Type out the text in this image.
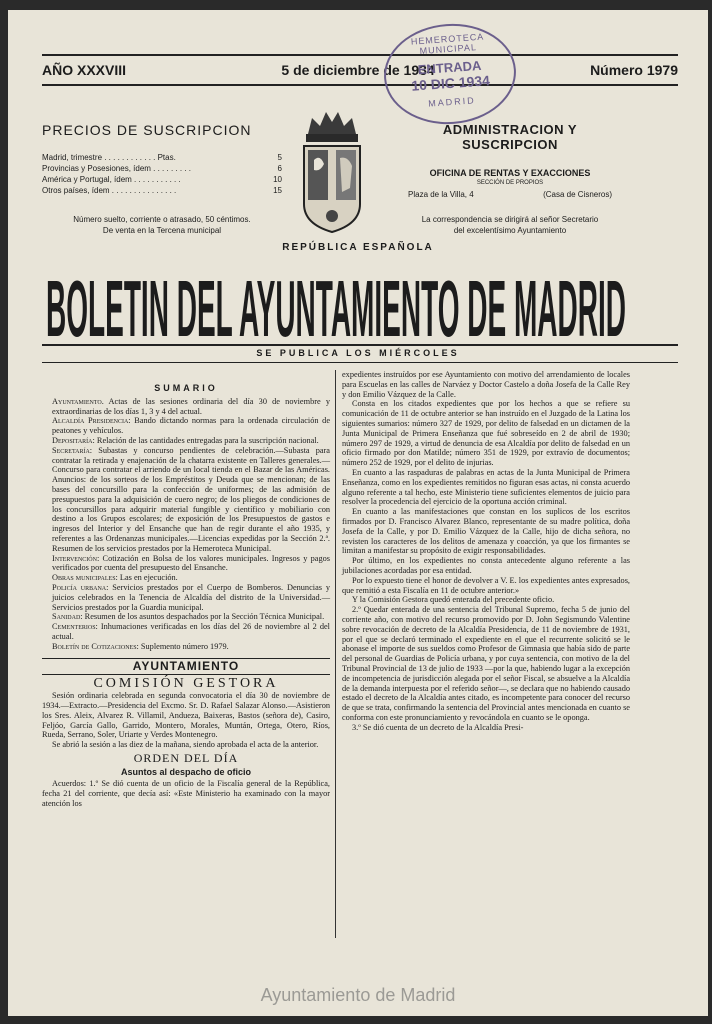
AÑO XXXVIII	5 de diciembre de 1934	Número 1979
HEMEROTECA MUNICIPAL
ENTRADA
10 DIC 1934
MADRID
PRECIOS DE SUSCRIPCION
Madrid, trimestre . . . . . . . . . . . . Ptas.	5
Provincias y Posesiones, ídem . . . . . . . . .	6
América y Portugal, ídem . . . . . . . . . . .	10
Otros países, ídem . . . . . . . . . . . . . . .	15
Número suelto, corriente o atrasado, 50 céntimos.
De venta en la Tercena municipal
ADMINISTRACION Y SUSCRIPCION
OFICINA DE RENTAS Y EXACCIONES
SECCIÓN DE PROPIOS
Plaza de la Villa, 4	(Casa de Cisneros)
La correspondencia se dirigirá al señor Secretario
del excelentísimo Ayuntamiento
REPÚBLICA ESPAÑOLA
BOLETIN DEL AYUNTAMIENTO DE MADRID
SE PUBLICA LOS MIÉRCOLES
SUMARIO

Ayuntamiento. Actas de las sesiones ordinaria del día 30 de noviembre y extraordinarias de los días 1, 3 y 4 del actual.

Alcaldía Presidencia: Bando dictando normas para la ordenada circulación de peatones y vehículos.

Depositaría: Relación de las cantidades entregadas para la suscripción nacional.

Secretaría: Subastas y concurso pendientes de celebración.—Subasta para contratar la retirada y enajenación de la chatarra existente en Talleres generales.—Concurso para contratar el arriendo de un local tienda en el Bazar de las Américas. Anuncios: de los sorteos de los Empréstitos y Deuda que se mencionan; de las bases del concursillo para la confección de uniformes; de las admisión de presupuestos para la adquisición de cuero negro; de los pliegos de condiciones de los concursillos para adquirir material fungible y científico y mobiliario con destino a los Grupos escolares; de exposición de los Presupuestos de gastos e ingresos del Interior y del Ensanche que han de regir durante el año 1935, y referentes a las Ordenanzas municipales.—Licencias expedidas por la Sección 2.ª. Resumen de los servicios prestados por la Hemeroteca Municipal.

Intervención: Cotización en Bolsa de los valores municipales. Ingresos y pagos verificados por cuenta del presupuesto del Ensanche.

Obras municipales: Las en ejecución.

Policía urbana: Servicios prestados por el Cuerpo de Bomberos. Denuncias y juicios celebrados en la Tenencia de Alcaldía del distrito de la Universidad.—Servicios prestados por la Guardia municipal.

Sanidad: Resumen de los asuntos despachados por la Sección Técnica Municipal.

Cementerios: Inhumaciones verificadas en los días del 26 de noviembre al 2 del actual.

Boletín de Cotizaciones: Suplemento número 1979.

AYUNTAMIENTO
COMISIÓN GESTORA

Sesión ordinaria celebrada en segunda convocatoria el día 30 de noviembre de 1934.—Extracto.—Presidencia del Excmo. Sr. D. Rafael Salazar Alonso.—Asistieron los Sres. Aleix, Alvarez R. Villamil, Andueza, Baixeras, Bastos (señora de), Casiro, Feljóo, García Gallo, Garrido, Montero, Morales, Muntán, Ortega, Otero, Ríos, Rueda, Serrano, Soler, Uriarte y Verdes Montenegro.

Se abrió la sesión a las diez de la mañana, siendo aprobada el acta de la anterior.

ORDEN DEL DÍA
Asuntos al despacho de oficio

Acuerdos: 1.º Se dió cuenta de un oficio de la Fiscalía general de la República, fecha 21 del corriente, que decía así: «Este Ministerio ha examinado con la mayor atención los

expedientes instruídos por ese Ayuntamiento con motivo del arrendamiento de locales para Escuelas en las calles de Narváez y Doctor Castelo a doña Josefa de la Calle Rey y don Emilio Vázquez de la Calle.

Consta en los citados expedientes que por los hechos a que se refiere su comunicación de 11 de octubre anterior se han instruído en el Juzgado de la Latina los siguientes sumarios: número 327 de 1929, por delito de falsedad en un dictamen de la Junta Municipal de Primera Enseñanza que fué sobreseído en 2 de abril de 1930; número 297 de 1929, a virtud de denuncia de esa Alcaldía por delito de falsedad en un oficio firmado por don Matilde; número 351 de 1929, por extravío de documentos; número 252 de 1929, por el delito de injurias.

En cuanto a las raspaduras de palabras en actas de la Junta Municipal de Primera Enseñanza, como en los expedientes remitidos no figuran esas actas, ni consta acuerdo alguno referente a tal hecho, este Ministerio tiene suficientes elementos de juicio para resolver la procedencia del ejercicio de la oportuna acción criminal.

En cuanto a las manifestaciones que constan en los suplicos de los escritos firmados por D. Francisco Alvarez Blanco, representante de su madre política, doña Josefa de la Calle, y por D. Emilio Vázquez de la Calle, hijo de dicha señora, no revisten los caracteres de los delitos de amenaza y coacción, ya que los firmantes se limitan a manifestar su propósito de exigir responsabilidades.

Por último, en los expedientes no consta antecedente alguno referente a las jubilaciones acordadas por esa entidad.

Por lo expuesto tiene el honor de devolver a V. E. los expedientes antes expresados, que remitió a esta Fiscalía en 11 de octubre anterior.»

Y la Comisión Gestora quedó enterada del precedente oficio.

2.º Quedar enterada de una sentencia del Tribunal Supremo, fecha 5 de junio del corriente año, con motivo del recurso promovido por D. John Segismundo Valentine sobre revocación de decreto de la Alcaldía Presidencia, de 11 de noviembre de 1931, por el que se declaró terminado el expediente en el que el recurrente solicitó se le abonase el importe de sus sueldos como Profesor de Gimnasia que había sido de parte del personal de Guardias de Policía urbana, y por cuya sentencia, con motivo de la del Tribunal Provincial de 13 de julio de 1933 —por la que, habiendo lugar a la excepción de incompetencia de jurisdicción alegada por el señor Fiscal, se absuelve a la Alcaldía de la demanda interpuesta por el referido señor—, se declara que no habiendo causado estado el decreto de la Alcaldía antes citado, es incompetente para conocer del recurso de que se trata, confirmando la sentencia del Provincial antes mencionada en cuanto se conforma con este pronunciamiento y revocándola en cuanto se le oponga.

3.º Se dió cuenta de un decreto de la Alcaldía Presi-

Ayuntamiento de Madrid
